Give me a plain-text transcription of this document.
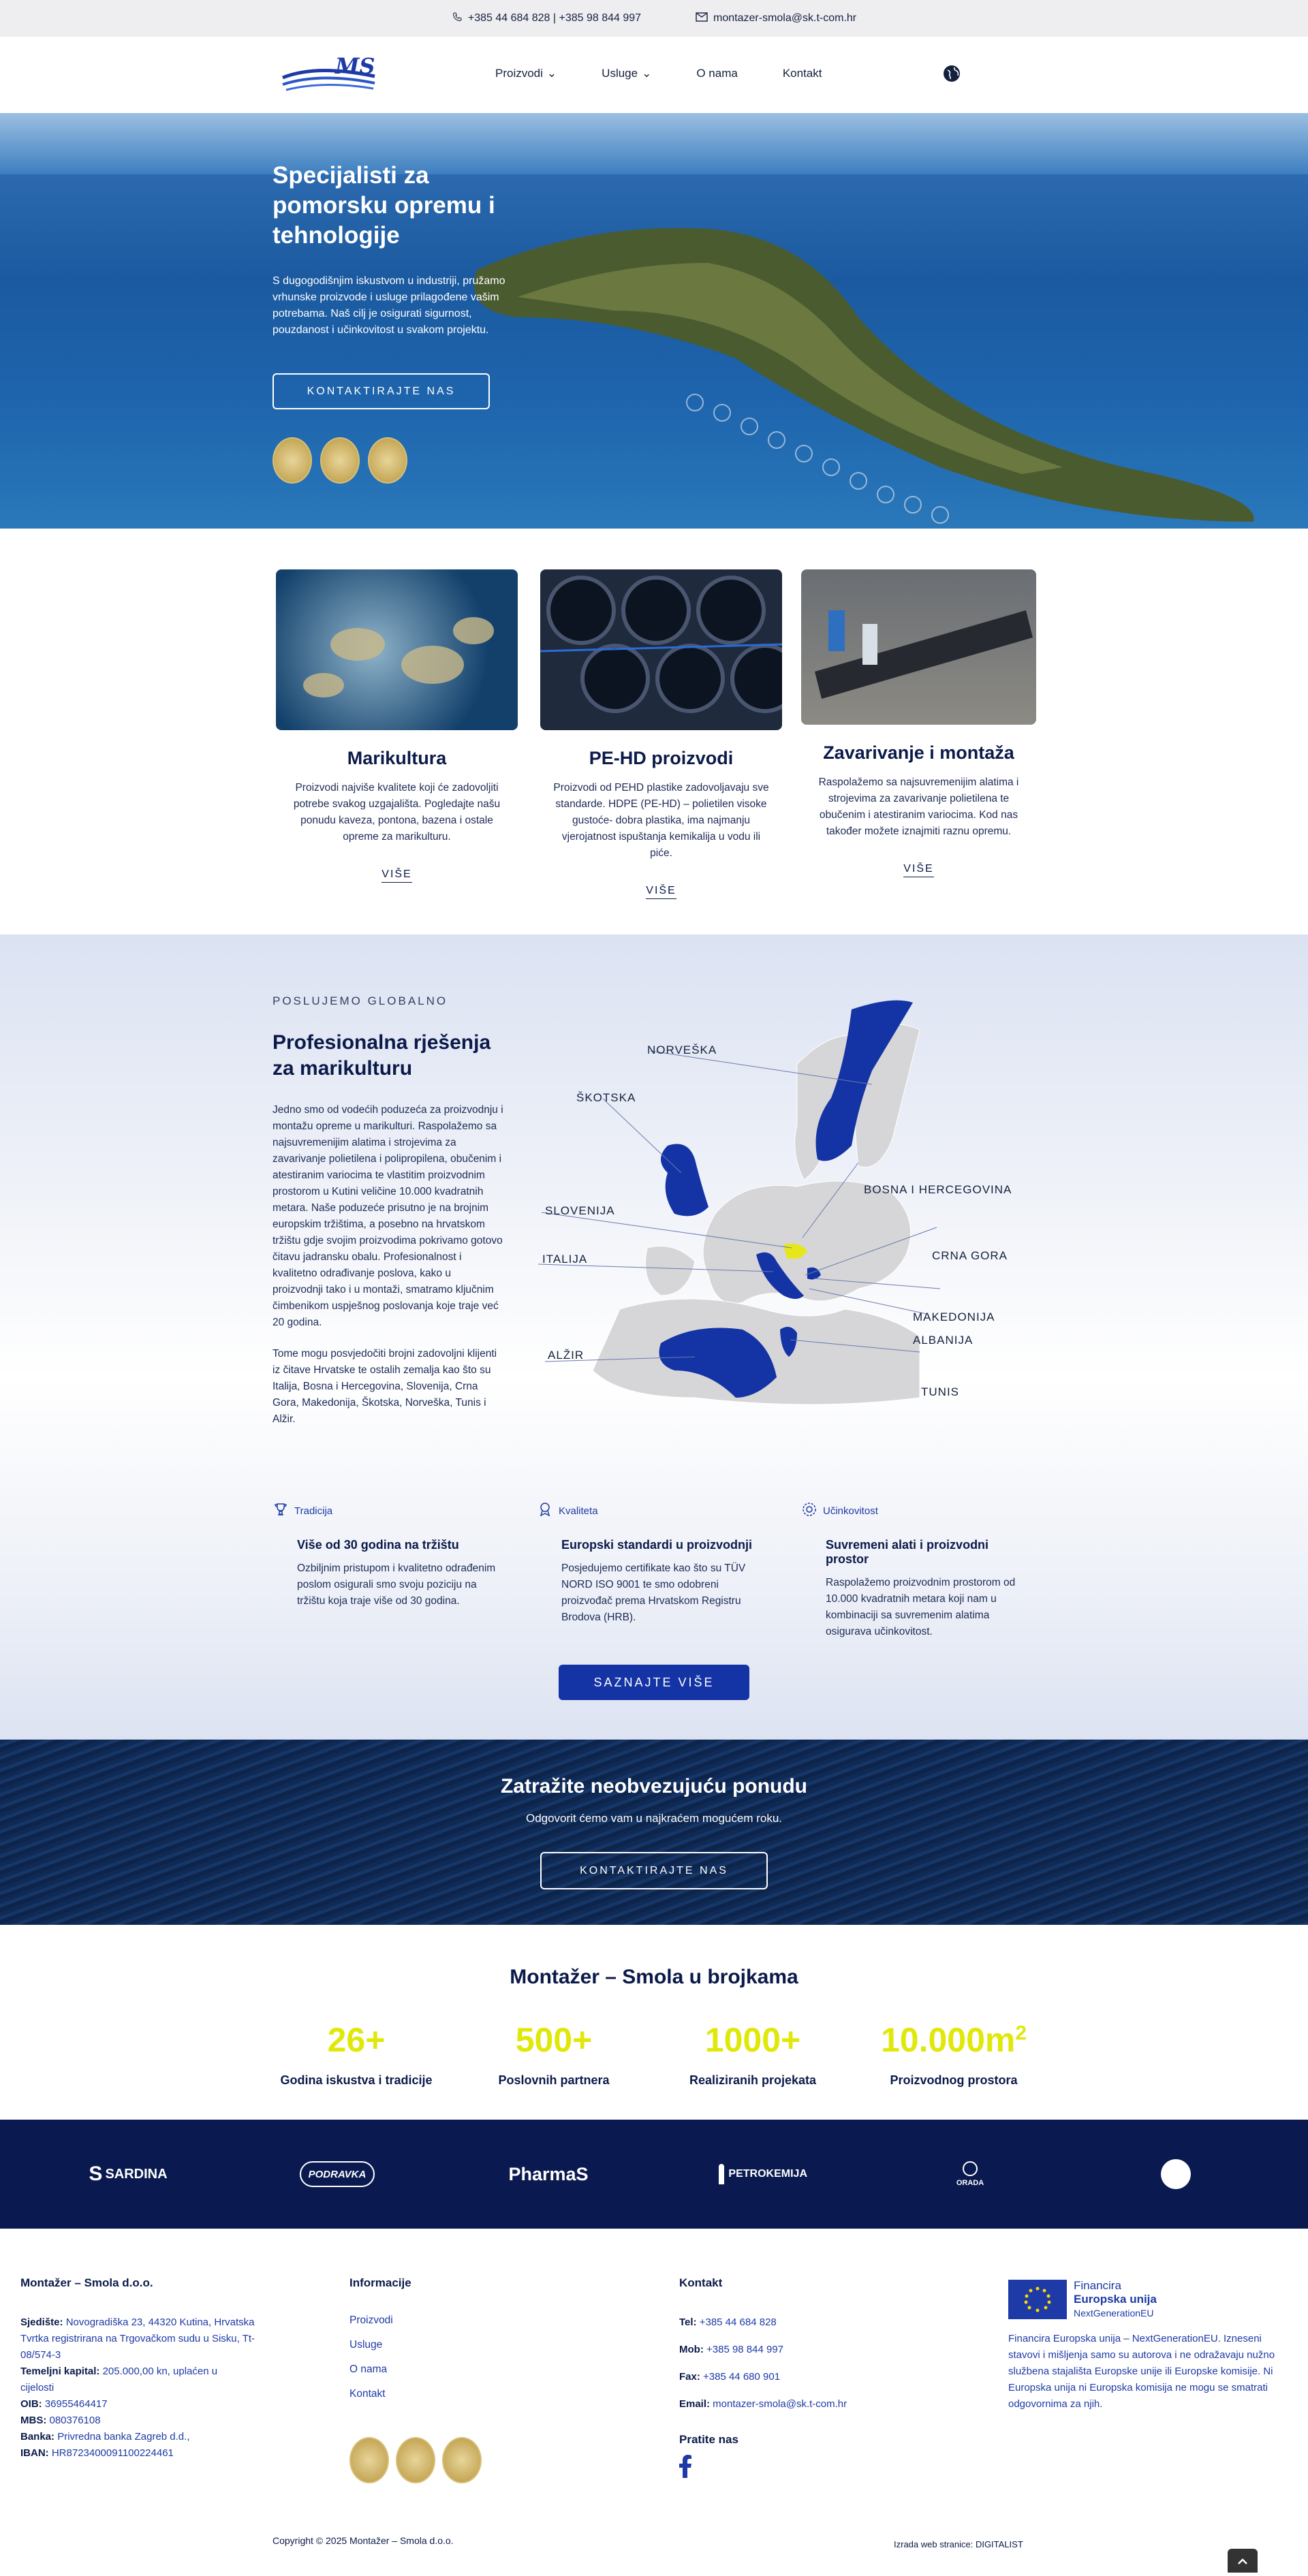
+385 44 684 828 | +385 98 844 997	montazer-smola@sk.t-com.hr
MS	Proizvodi ⌄	Usluge ⌄	O nama	Kontakt
Specijalisti za pomorsku opremu i tehnologije

S dugogodišnjim iskustvom u industriji, pružamo vrhunske proizvode i usluge prilagođene vašim potrebama. Naš cilj je osigurati sigurnost, pouzdanost i učinkovitost u svakom projektu.

KONTAKTIRAJTE NAS
Marikultura

Proizvodi najviše kvalitete koji će zadovoljiti potrebe svakog uzgajališta. Pogledajte našu ponudu kaveza, pontona, bazena i ostale opreme za marikulturu.

VIŠE
PE-HD proizvodi

Proizvodi od PEHD plastike zadovoljavaju sve standarde. HDPE (PE-HD) – polietilen visoke gustoće- dobra plastika, ima najmanju vjerojatnost ispuštanja kemikalija u vodu ili piće.

VIŠE
Zavarivanje i montaža

Raspolažemo sa najsuvremenijim alatima i strojevima za zavarivanje polietilena te obučenim i atestiranim variocima. Kod nas također možete iznajmiti raznu opremu.

VIŠE
POSLUJEMO GLOBALNO
Profesionalna rješenja za marikulturu

Jedno smo od vodećih poduzeća za proizvodnju i montažu opreme u marikulturi. Raspolažemo sa najsuvremenijim alatima i strojevima za zavarivanje polietilena i polipropilena, obučenim i atestiranim variocima te vlastitim proizvodnim prostorom u Kutini veličine 10.000 kvadratnih metara. Naše poduzeće prisutno je na brojnim europskim tržištima, a posebno na hrvatskom tržištu gdje svojim proizvodima pokrivamo gotovo čitavu jadransku obalu. Profesionalnost i kvalitetno odrađivanje poslova, kako u proizvodnji tako i u montaži, smatramo ključnim čimbenikom uspješnog poslovanja koje traje već 20 godina.

Tome mogu posvjedočiti brojni zadovoljni klijenti iz čitave Hrvatske te ostalih zemalja kao što su Italija, Bosna i Hercegovina, Slovenija, Crna Gora, Makedonija, Škotska, Norveška, Tunis i Alžir.

NORVEŠKA
ŠKOTSKA
BOSNA I HERCEGOVINA
SLOVENIJA
CRNA GORA
ITALIJA
MAKEDONIJA
ALBANIJA
ALŽIR
TUNIS
Tradicija
Više od 30 godina na tržištu

Ozbiljnim pristupom i kvalitetno odrađenim poslom osigurali smo svoju poziciju na tržištu koja traje više od 30 godina.

Kvaliteta
Europski standardi u proizvodnji

Posjedujemo certifikate kao što su TÜV NORD ISO 9001 te smo odobreni proizvođač prema Hrvatskom Registru Brodova (HRB).

Učinkovitost
Suvremeni alati i proizvodni prostor

Raspolažemo proizvodnim prostorom od 10.000 kvadratnih metara koji nam u kombinaciji sa suvremenim alatima osigurava učinkovitost.

SAZNAJTE VIŠE
Zatražite neobvezujuću ponudu

Odgovorit ćemo vam u najkraćem mogućem roku.

KONTAKTIRAJTE NAS
Montažer – Smola u brojkama
26+
Godina iskustva i tradicije
500+
Poslovnih partnera
1000+
Realiziranih projekata
$10.000m^2$
Proizvodnog prostora
S SARDINA	PODRAVKA	PharmaS	PETROKEMIJA
ORADA
Montažer – Smola d.o.o.
Sjedište: Novogradiška 23, 44320 Kutina, Hrvatska
Tvrtka registrirana na Trgovačkom sudu u Sisku, Tt-08/574-3
Temeljni kapital: 205.000,00 kn, uplaćen u cijelosti
OIB: 36955464417
MBS: 080376108
Banka: Privredna banka Zagreb d.d.,
IBAN: HR8723400091100224461
Informacije
Proizvodi
Usluge
O nama
Kontakt
Kontakt
Tel: +385 44 684 828
Mob: +385 98 844 997
Fax: +385 44 680 901
Email: montazer-smola@sk.t-com.hr
Pratite nas
Financira
Europska unija
NextGenerationEU

Financira Europska unija – NextGenerationEU. Izneseni stavovi i mišljenja samo su autorova i ne odražavaju nužno službena stajališta Europske unije ili Europske komisije. Ni Europska unija ni Europska komisija ne mogu se smatrati odgovornima za njih.

Copyright © 2025 Montažer – Smola d.o.o.	Izrada web stranice: DIGITALIST
